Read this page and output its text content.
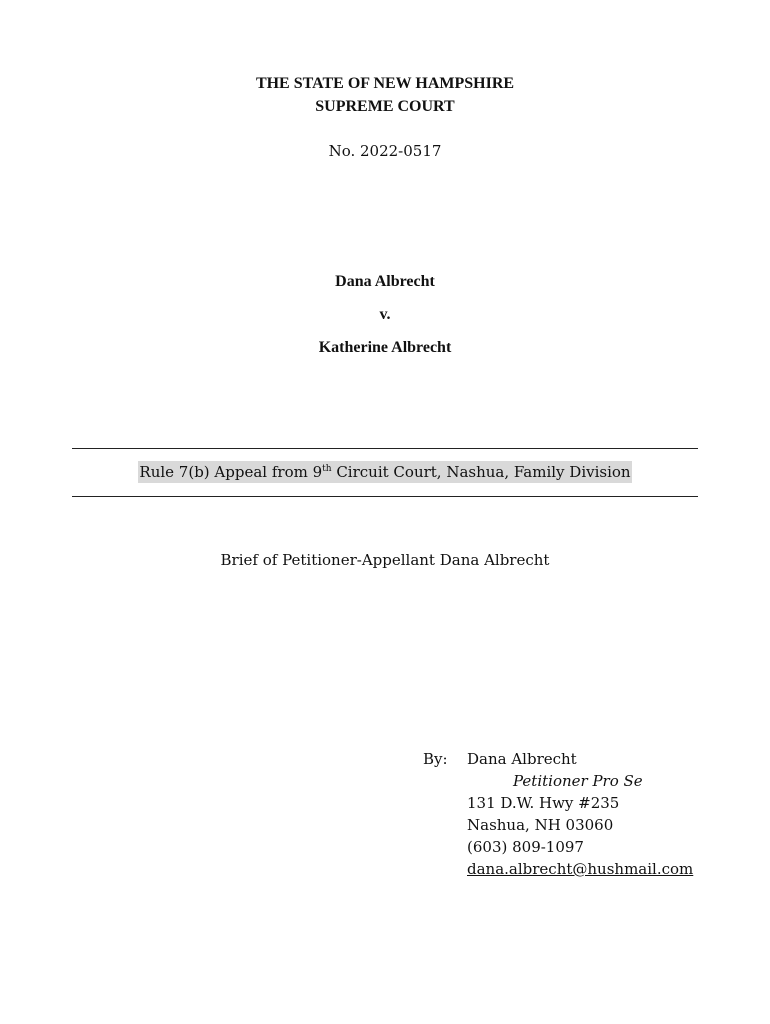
THE STATE OF NEW HAMPSHIRE
SUPREME COURT
No. 2022-0517
Dana Albrecht
v.
Katherine Albrecht
Rule 7(b) Appeal from 9th Circuit Court, Nashua, Family Division
Brief of Petitioner-Appellant Dana Albrecht
By: Dana Albrecht
Petitioner Pro Se
131 D.W. Hwy #235
Nashua, NH 03060
(603) 809-1097
dana.albrecht@hushmail.com
